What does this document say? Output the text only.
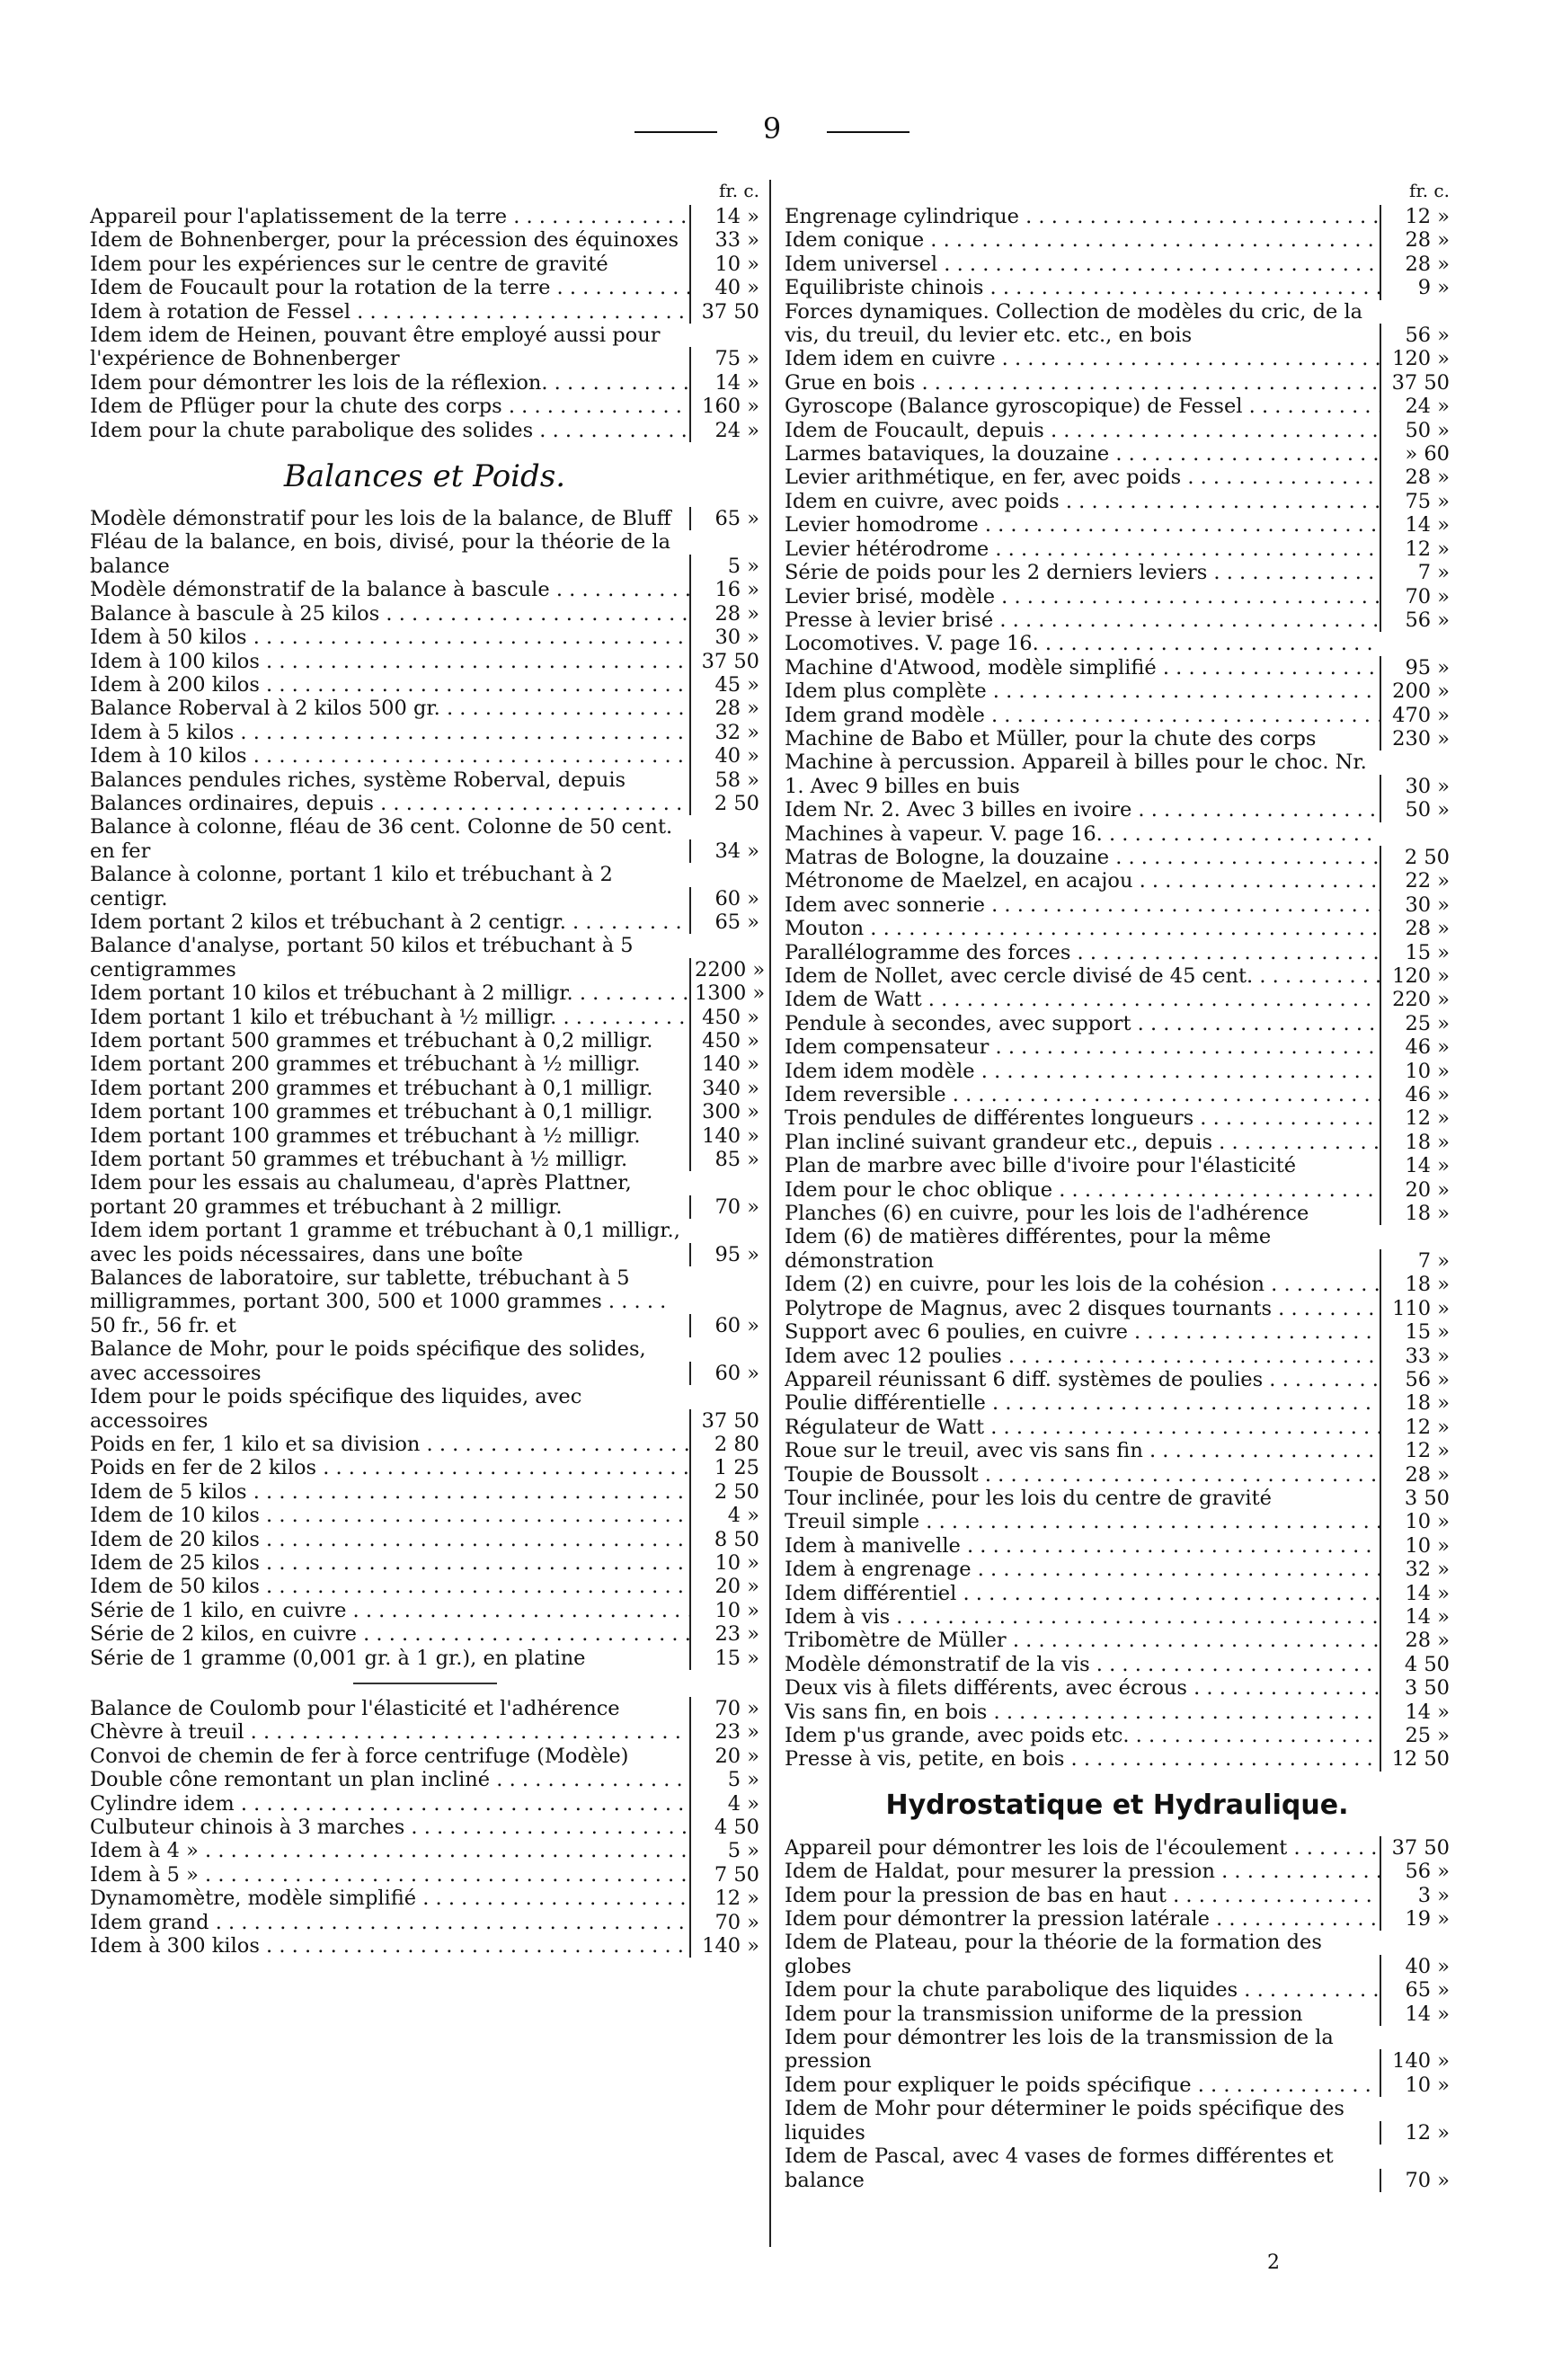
9
fr. c.
Appareil pour l'aplatissement de la terre . . .	14 »
Idem de Bohnenberger, pour la précession des équinoxes	33 »
Idem pour les expériences sur le centre de gravité	10 »
Idem de Foucault pour la rotation de la terre . . .	40 »
Idem à rotation de Fessel . . .	37 50
Idem idem de Heinen, pouvant être employé aussi pour l'expérience de Bohnenberger	75 »
Idem pour démontrer les lois de la réflexion. . . .	14 »
Idem de Pflüger pour la chute des corps . . .	160 »
Idem pour la chute parabolique des solides . . .	24 »
Balances et Poids.
Modèle démonstratif pour les lois de la balance, de Bluff	65 »
Fléau de la balance, en bois, divisé, pour la théorie de la balance	5 »
Modèle démonstratif de la balance à bascule . . .	16 »
Balance à bascule à 25 kilos . . .	28 »
Idem à 50 kilos . . .	30 »
Idem à 100 kilos . . .	37 50
Idem à 200 kilos . . .	45 »
Balance Roberval à 2 kilos 500 gr. . . .	28 »
Idem à 5 kilos . . .	32 »
Idem à 10 kilos . . .	40 »
Balances pendules riches, système Roberval, depuis	58 »
Balances ordinaires, depuis . . .	2 50
Balance à colonne, fléau de 36 cent. Colonne de 50 cent. en fer	34 »
Balance à colonne, portant 1 kilo et trébuchant à 2 centigr.	60 »
Idem portant 2 kilos et trébuchant à 2 centigr. . . .	65 »
Balance d'analyse, portant 50 kilos et trébuchant à 5 centigrammes	2200 »
Idem portant 10 kilos et trébuchant à 2 milligr. . . .	1300 »
Idem portant 1 kilo et trébuchant à ½ milligr. . . .	450 »
Idem portant 500 grammes et trébuchant à 0,2 milligr.	450 »
Idem portant 200 grammes et trébuchant à ½ milligr.	140 »
Idem portant 200 grammes et trébuchant à 0,1 milligr.	340 »
Idem portant 100 grammes et trébuchant à 0,1 milligr.	300 »
Idem portant 100 grammes et trébuchant à ½ milligr.	140 »
Idem portant 50 grammes et trébuchant à ½ milligr.	85 »
Idem pour les essais au chalumeau, d'après Plattner, portant 20 grammes et trébuchant à 2 milligr.	70 »
Idem idem portant 1 gramme et trébuchant à 0,1 milligr., avec les poids nécessaires, dans une boîte	95 »
Balances de laboratoire, sur tablette, trébuchant à 5 milligrammes, portant 300, 500 et 1000 grammes . . . . . 50 fr., 56 fr. et	60 »
Balance de Mohr, pour le poids spécifique des solides, avec accessoires	60 »
Idem pour le poids spécifique des liquides, avec accessoires	37 50
Poids en fer, 1 kilo et sa division . . .	2 80
Poids en fer de 2 kilos . . .	1 25
Idem de 5 kilos . . .	2 50
Idem de 10 kilos . . .	4 »
Idem de 20 kilos . . .	8 50
Idem de 25 kilos . . .	10 »
Idem de 50 kilos . . .	20 »
Série de 1 kilo, en cuivre . . .	10 »
Série de 2 kilos, en cuivre . . .	23 »
Série de 1 gramme (0,001 gr. à 1 gr.), en platine	15 »
Balance de Coulomb pour l'élasticité et l'adhérence	70 »
Chèvre à treuil . . .	23 »
Convoi de chemin de fer à force centrifuge (Modèle)	20 »
Double cône remontant un plan incliné . . .	5 »
Cylindre idem . . .	4 »
Culbuteur chinois à 3 marches . . .	4 50
Idem à 4 » . . .	5 »
Idem à 5 » . . .	7 50
Dynamomètre, modèle simplifié . . .	12 »
Idem grand . . .	70 »
Idem à 300 kilos . . .	140 »
fr. c.
Engrenage cylindrique . . .	12 »
Idem conique . . .	28 »
Idem universel . . .	28 »
Equilibriste chinois . . .	9 »
Forces dynamiques. Collection de modèles du cric, de la vis, du treuil, du levier etc. etc., en bois	56 »
Idem idem en cuivre . . .	120 »
Grue en bois . . .	37 50
Gyroscope (Balance gyroscopique) de Fessel . . .	24 »
Idem de Foucault, depuis . . .	50 »
Larmes bataviques, la douzaine . . .	» 60
Levier arithmétique, en fer, avec poids . . .	28 »
Idem en cuivre, avec poids . . .	75 »
Levier homodrome . . .	14 »
Levier hétérodrome . . .	12 »
Série de poids pour les 2 derniers leviers . . .	7 »
Levier brisé, modèle . . .	70 »
Presse à levier brisé . . .	56 »
Locomotives. V. page 16. . . .
Machine d'Atwood, modèle simplifié . . .	95 »
Idem plus complète . . .	200 »
Idem grand modèle . . .	470 »
Machine de Babo et Müller, pour la chute des corps	230 »
Machine à percussion. Appareil à billes pour le choc. Nr. 1. Avec 9 billes en buis	30 »
Idem Nr. 2. Avec 3 billes en ivoire . . .	50 »
Machines à vapeur. V. page 16. . . .
Matras de Bologne, la douzaine . . .	2 50
Métronome de Maelzel, en acajou . . .	22 »
Idem avec sonnerie . . .	30 »
Mouton . . .	28 »
Parallélogramme des forces . . .	15 »
Idem de Nollet, avec cercle divisé de 45 cent. . . .	120 »
Idem de Watt . . .	220 »
Pendule à secondes, avec support . . .	25 »
Idem compensateur . . .	46 »
Idem idem modèle . . .	10 »
Idem reversible . . .	46 »
Trois pendules de différentes longueurs . . .	12 »
Plan incliné suivant grandeur etc., depuis . . .	18 »
Plan de marbre avec bille d'ivoire pour l'élasticité	14 »
Idem pour le choc oblique . . .	20 »
Planches (6) en cuivre, pour les lois de l'adhérence	18 »
Idem (6) de matières différentes, pour la même démonstration	7 »
Idem (2) en cuivre, pour les lois de la cohésion . . .	18 »
Polytrope de Magnus, avec 2 disques tournants . . .	110 »
Support avec 6 poulies, en cuivre . . .	15 »
Idem avec 12 poulies . . .	33 »
Appareil réunissant 6 diff. systèmes de poulies . . .	56 »
Poulie différentielle . . .	18 »
Régulateur de Watt . . .	12 »
Roue sur le treuil, avec vis sans fin . . .	12 »
Toupie de Boussolt . . .	28 »
Tour inclinée, pour les lois du centre de gravité	3 50
Treuil simple . . .	10 »
Idem à manivelle . . .	10 »
Idem à engrenage . . .	32 »
Idem différentiel . . .	14 »
Idem à vis . . .	14 »
Tribomètre de Müller . . .	28 »
Modèle démonstratif de la vis . . .	4 50
Deux vis à filets différents, avec écrous . . .	3 50
Vis sans fin, en bois . . .	14 »
Idem p'us grande, avec poids etc. . . .	25 »
Presse à vis, petite, en bois . . .	12 50
Hydrostatique et Hydraulique.
Appareil pour démontrer les lois de l'écoulement . . .	37 50
Idem de Haldat, pour mesurer la pression . . .	56 »
Idem pour la pression de bas en haut . . .	3 »
Idem pour démontrer la pression latérale . . .	19 »
Idem de Plateau, pour la théorie de la formation des globes	40 »
Idem pour la chute parabolique des liquides . . .	65 »
Idem pour la transmission uniforme de la pression	14 »
Idem pour démontrer les lois de la transmission de la pression	140 »
Idem pour expliquer le poids spécifique . . .	10 »
Idem de Mohr pour déterminer le poids spécifique des liquides	12 »
Idem de Pascal, avec 4 vases de formes différentes et balance	70 »
2
